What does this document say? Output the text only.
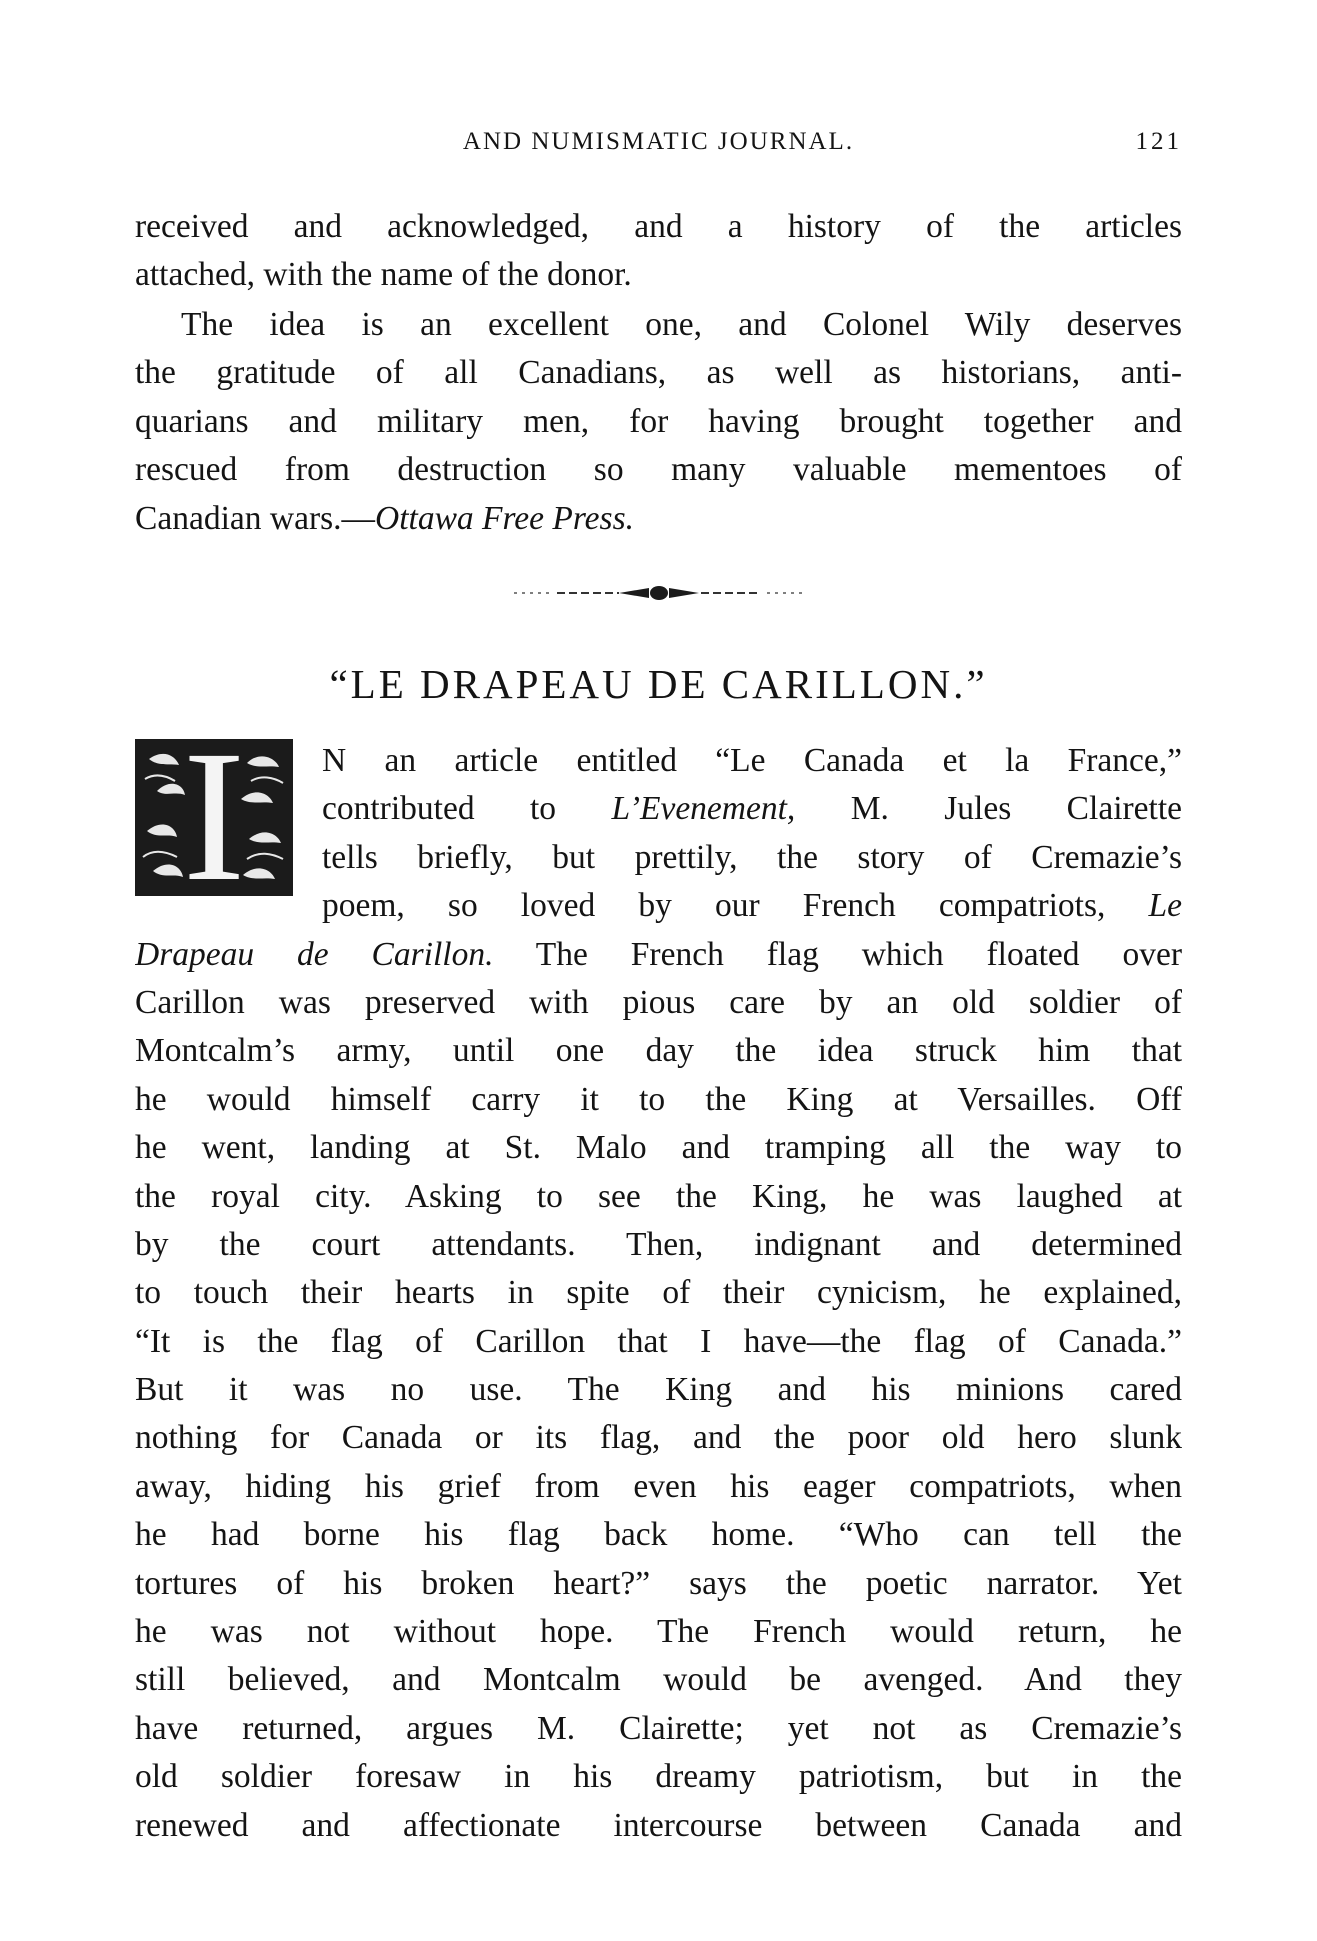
AND NUMISMATIC JOURNAL.	121
received and acknowledged, and a history of the articles
attached, with the name of the donor.
The idea is an excellent one, and Colonel Wily deserves
the gratitude of all Canadians, as well as historians, anti-
quarians and military men, for having brought together and
rescued from destruction so many valuable mementoes of
Canadian wars.—Ottawa Free Press.
“LE DRAPEAU DE CARILLON.”
I	N an article entitled “Le Canada et la France,”
contributed to L’Evenement, M. Jules Clairette
tells briefly, but prettily, the story of Cremazie’s
poem, so loved by our French compatriots, Le
Drapeau de Carillon. The French flag which floated over
Carillon was preserved with pious care by an old soldier of
Montcalm’s army, until one day the idea struck him that
he would himself carry it to the King at Versailles. Off
he went, landing at St. Malo and tramping all the way to
the royal city. Asking to see the King, he was laughed at
by the court attendants. Then, indignant and determined
to touch their hearts in spite of their cynicism, he explained,
“It is the flag of Carillon that I have—the flag of Canada.”
But it was no use. The King and his minions cared
nothing for Canada or its flag, and the poor old hero slunk
away, hiding his grief from even his eager compatriots, when
he had borne his flag back home. “Who can tell the
tortures of his broken heart?” says the poetic narrator. Yet
he was not without hope. The French would return, he
still believed, and Montcalm would be avenged. And they
have returned, argues M. Clairette; yet not as Cremazie’s
old soldier foresaw in his dreamy patriotism, but in the
renewed and affectionate intercourse between Canada and
